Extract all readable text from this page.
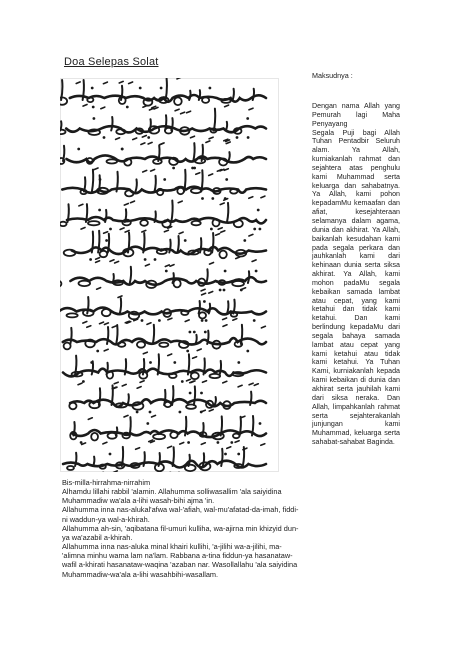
Doa Selepas Solat

Bis-milla-hirrahma-nirrahim

Alhamdu lillahi rabbil 'alamin. Allahumma solliwasallim 'ala saiyidina Muhammadiw wa'ala a-lihi wasah-bihi ajma 'in.

Allahumma inna nas-alukal'afwa wal-'afiah, wal-mu'afatad-da-imah, fiddi-ni waddun-ya wal-a-khirah.

Allahumma ah-sin, 'aqibatana fil-umuri kulliha, wa-ajirna min khizyid dun-ya wa'azabil a-khirah.

Allahumma inna nas-aluka minal khairi kullihi, 'a-jilihi wa-a-jilihi, ma-'alimna minhu wama lam na'lam. Rabbana a-tina fiddun-ya hasanataw-wafil a-khirati hasanataw-waqina 'azaban nar. Wasollallahu 'ala saiyidina Muhammadiw-wa'ala a-lihi wasahbihi-wasallam.

Maksudnya :

Dengan nama Allah yang Pemurah lagi Maha Penyayang

Segala Puji bagi Allah Tuhan Pentadbir Seluruh alam. Ya Allah, kurniakanlah rahmat dan sejahtera atas penghulu kami Muhammad serta keluarga dan sahabatnya. Ya Allah, kami pohon kepadamMu kemaafan dan afiat, kesejahteraan selamanya dalam agama, dunia dan akhirat. Ya Allah, baikanlah kesudahan kami pada segala perkara dan jauhkanlah kami dari kehinaan dunia serta siksa akhirat. Ya Allah, kami mohon padaMu segala kebaikan samada lambat atau cepat, yang kami ketahui dan tidak kami ketahui. Dan kami berlindung kepadaMu dari segala bahaya samada lambat atau cepat yang kami ketahui atau tidak kami ketahui. Ya Tuhan Kami, kurniakanlah kepada kami kebaikan di dunia dan akhirat serta jauhilah kami dari siksa neraka. Dan Allah, limpahkanlah rahmat serta sejahterakanlah junjungan kami Muhammad, keluarga serta sahabat-sahabat Baginda.
